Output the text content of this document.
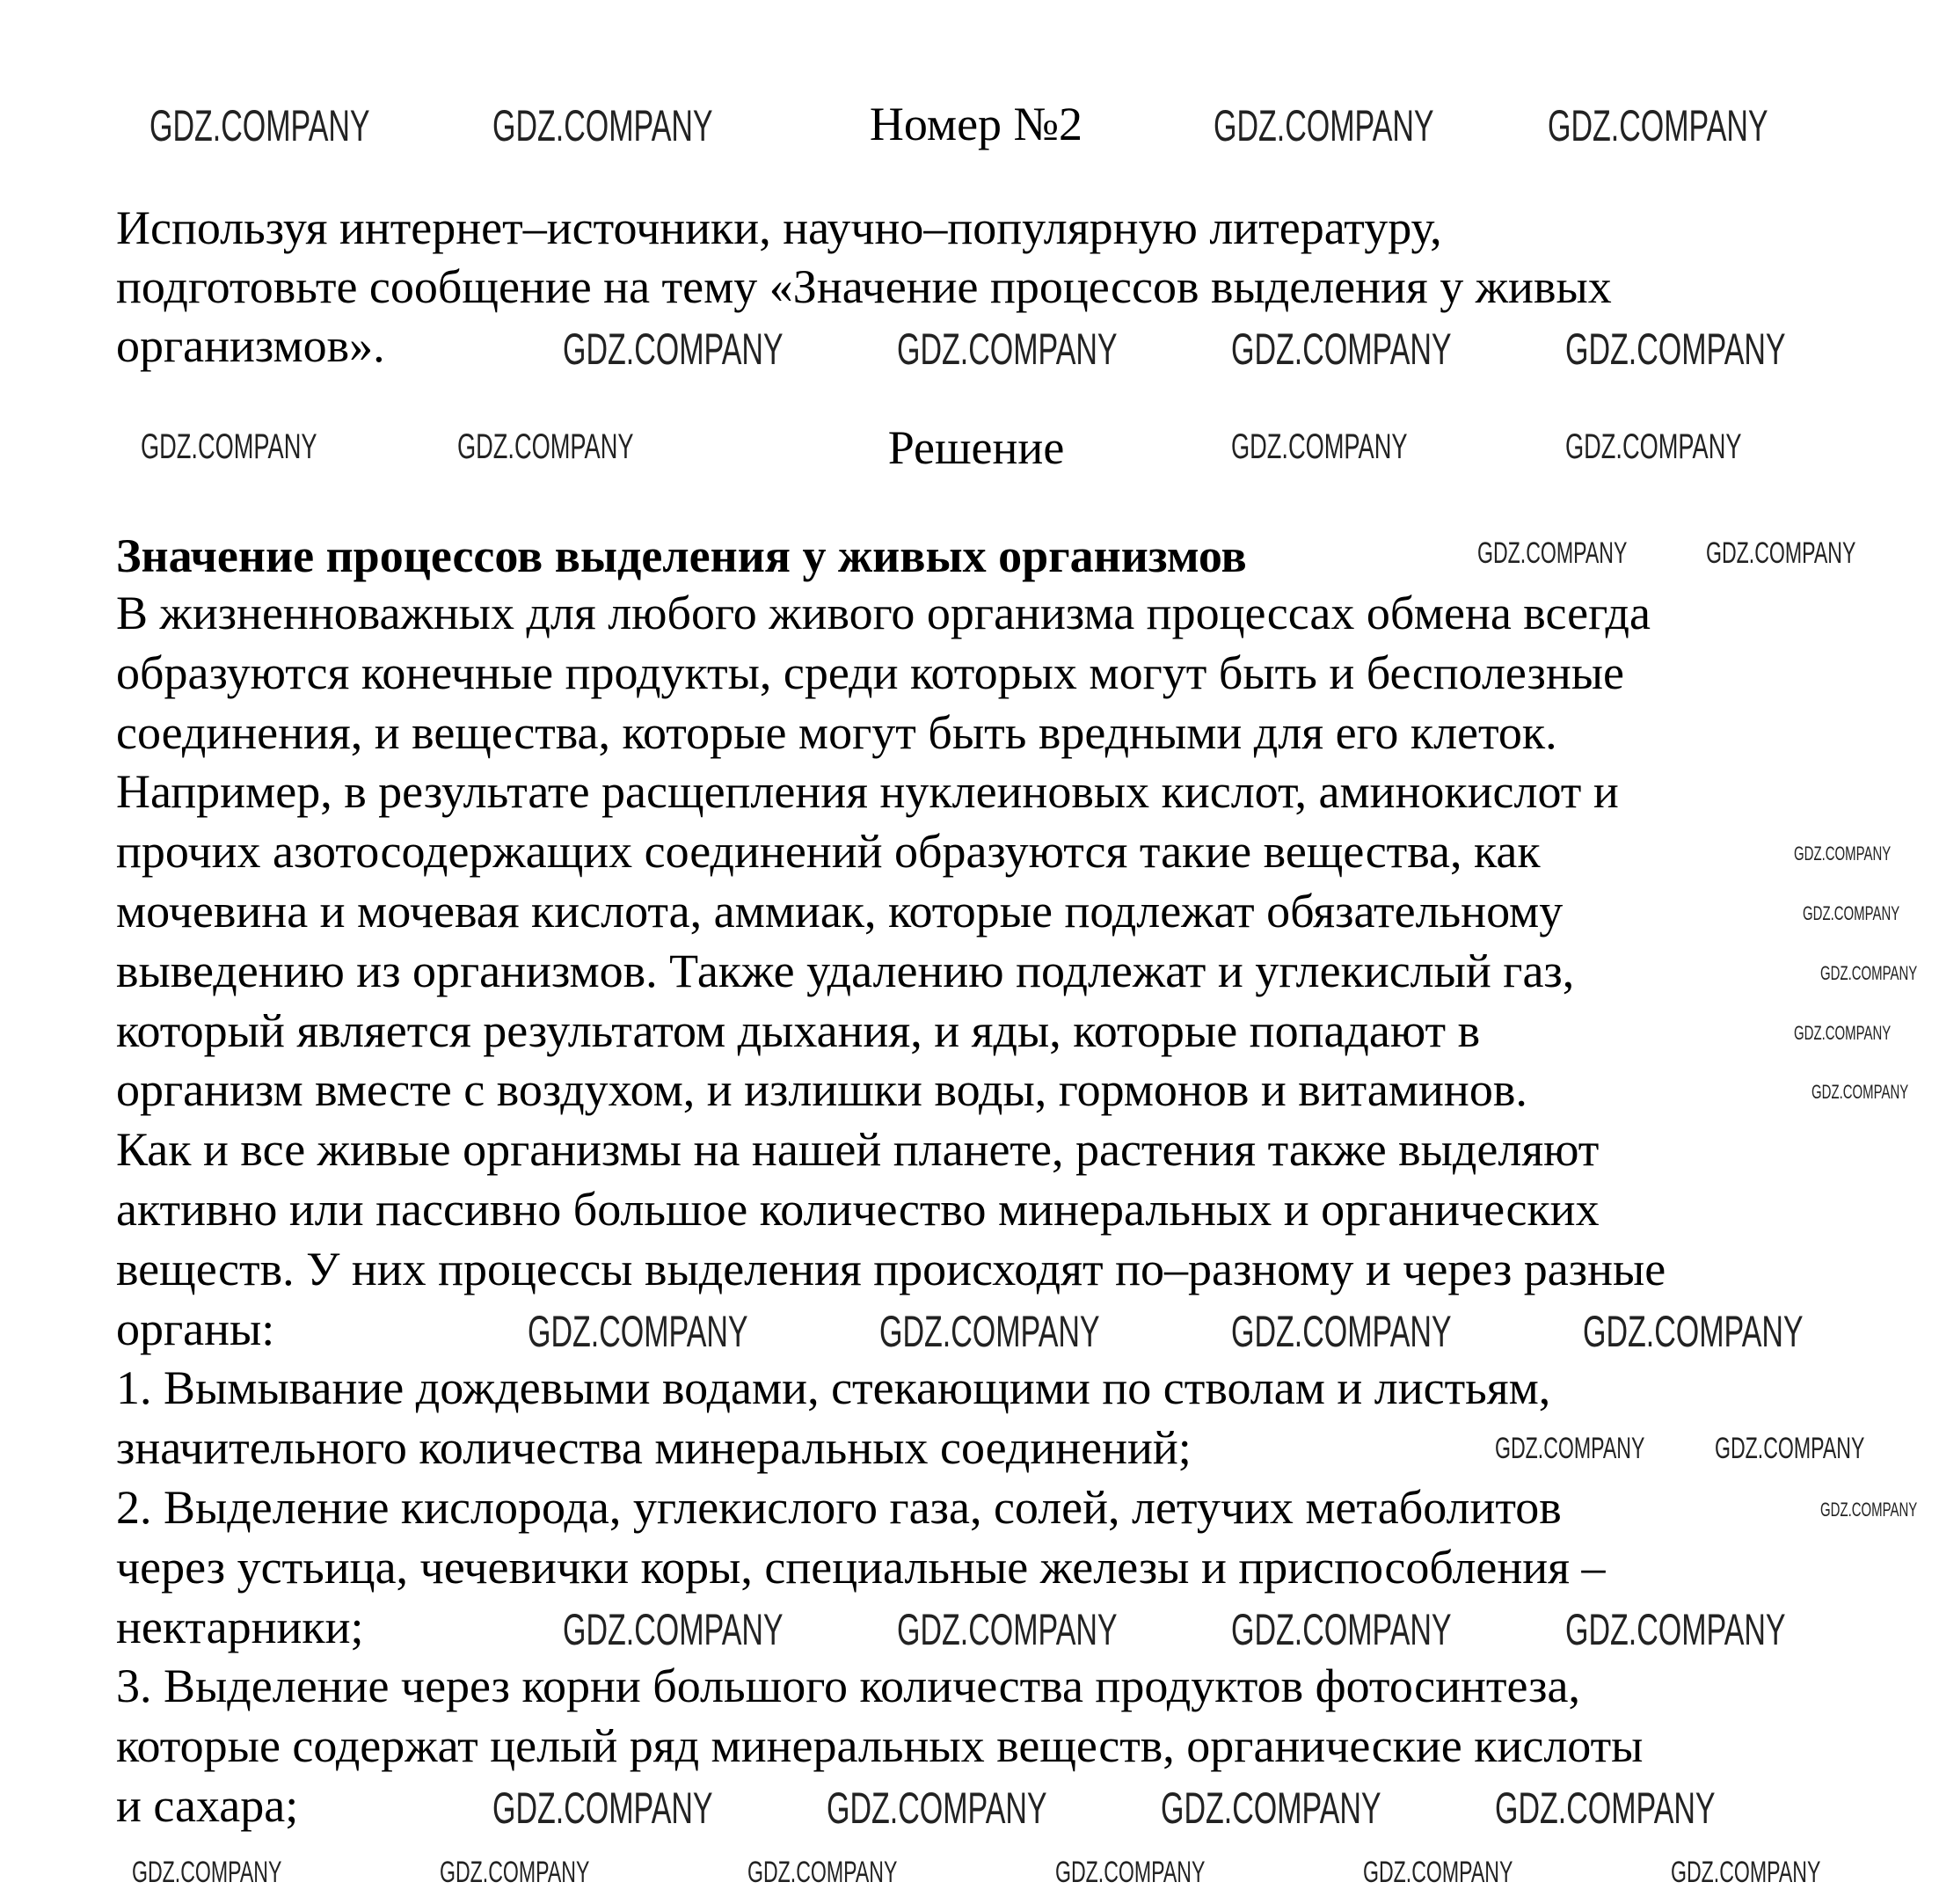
Номер №2
Используя интернет–источники, научно–популярную литературу,
подготовьте сообщение на тему «Значение процессов выделения у живых
организмов».
Решение
Значение процессов выделения у живых организмов
В жизненноважных для любого живого организма процессах обмена всегда
образуются конечные продукты, среди которых могут быть и бесполезные
соединения, и вещества, которые могут быть вредными для его клеток.
Например, в результате расщепления нуклеиновых кислот, аминокислот и
прочих азотосодержащих соединений образуются такие вещества, как
мочевина и мочевая кислота, аммиак, которые подлежат обязательному
выведению из организмов. Также удалению подлежат и углекислый газ,
который является результатом дыхания, и яды, которые попадают в
организм вместе с воздухом, и излишки воды, гормонов и витаминов.
Как и все живые организмы на нашей планете, растения также выделяют
активно или пассивно большое количество минеральных и органических
веществ. У них процессы выделения происходят по–разному и через разные
органы:
1. Вымывание дождевыми водами, стекающими по стволам и листьям,
значительного количества минеральных соединений;
2. Выделение кислорода, углекислого газа, солей, летучих метаболитов
через устьица, чечевички коры, специальные железы и приспособления –
нектарники;
3. Выделение через корни большого количества продуктов фотосинтеза,
которые содержат целый ряд минеральных веществ, органические кислоты
и сахара;
GDZ.COMPANY	GDZ.COMPANY	GDZ.COMPANY	GDZ.COMPANY
GDZ.COMPANY	GDZ.COMPANY	GDZ.COMPANY	GDZ.COMPANY
GDZ.COMPANY	GDZ.COMPANY	GDZ.COMPANY	GDZ.COMPANY
GDZ.COMPANY	GDZ.COMPANY
GDZ.COMPANY	GDZ.COMPANY	GDZ.COMPANY	GDZ.COMPANY
GDZ.COMPANY GDZ.COMPANY
GDZ.COMPANY	GDZ.COMPANY	GDZ.COMPANY	GDZ.COMPANY
GDZ.COMPANY	GDZ.COMPANY	GDZ.COMPANY	GDZ.COMPANY
GDZ.COMPANY	GDZ.COMPANY	GDZ.COMPANY	GDZ.COMPANY	GDZ.COMPANY	GDZ.COMPANY
GDZ.COMPANY
GDZ.COMPANY
GDZ.COMPANY
GDZ.COMPANY
GDZ.COMPANY
GDZ.COMPANY
